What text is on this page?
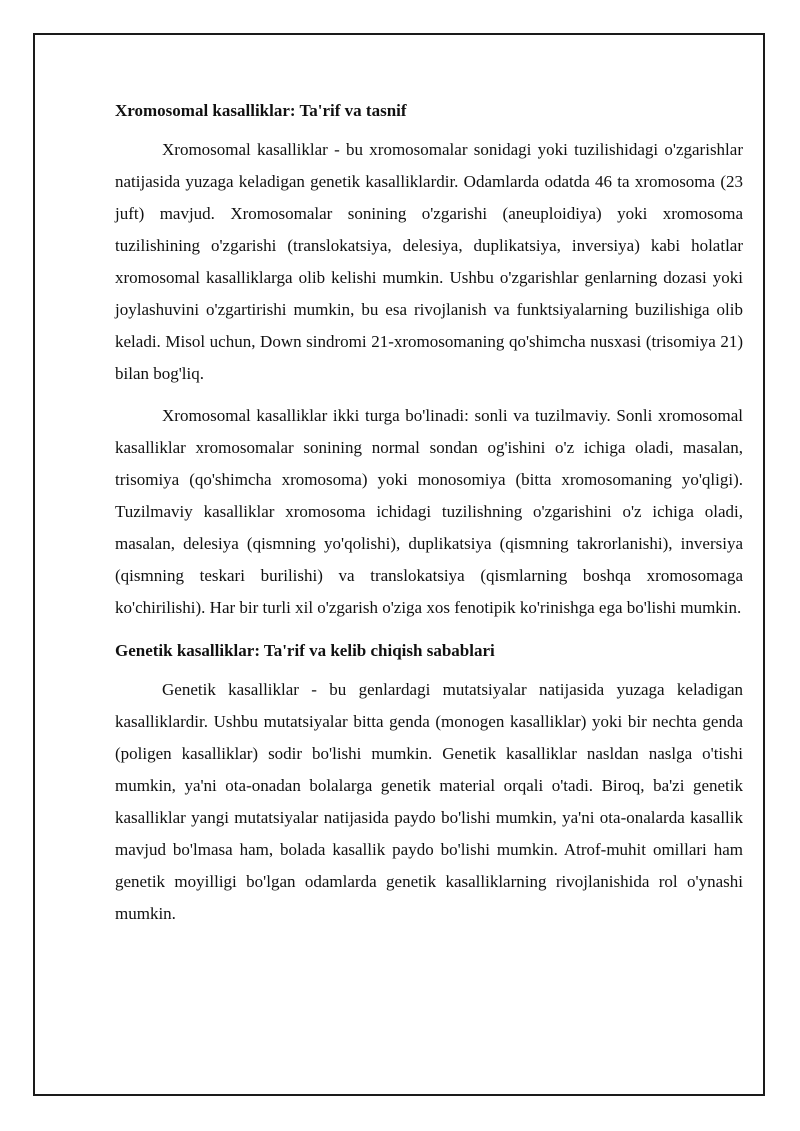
Xromosomal kasalliklar: Ta'rif va tasnif

Xromosomal kasalliklar - bu xromosomalar sonidagi yoki tuzilishidagi o'zgarishlar natijasida yuzaga keladigan genetik kasalliklardir. Odamlarda odatda 46 ta xromosoma (23 juft) mavjud. Xromosomalar sonining o'zgarishi (aneuploidiya) yoki xromosoma tuzilishining o'zgarishi (translokatsiya, delesiya, duplikatsiya, inversiya) kabi holatlar xromosomal kasalliklarga olib kelishi mumkin. Ushbu o'zgarishlar genlarning dozasi yoki joylashuvini o'zgartirishi mumkin, bu esa rivojlanish va funktsiyalarning buzilishiga olib keladi. Misol uchun, Down sindromi 21-xromosomaning qo'shimcha nusxasi (trisomiya 21) bilan bog'liq.

Xromosomal kasalliklar ikki turga bo'linadi: sonli va tuzilmaviy. Sonli xromosomal kasalliklar xromosomalar sonining normal sondan og'ishini o'z ichiga oladi, masalan, trisomiya (qo'shimcha xromosoma) yoki monosomiya (bitta xromosomaning yo'qligi). Tuzilmaviy kasalliklar xromosoma ichidagi tuzilishning o'zgarishini o'z ichiga oladi, masalan, delesiya (qismning yo'qolishi), duplikatsiya (qismning takrorlanishi), inversiya (qismning teskari burilishi) va translokatsiya (qismlarning boshqa xromosomaga ko'chirilishi). Har bir turli xil o'zgarish o'ziga xos fenotipik ko'rinishga ega bo'lishi mumkin.

Genetik kasalliklar: Ta'rif va kelib chiqish sabablari

Genetik kasalliklar - bu genlardagi mutatsiyalar natijasida yuzaga keladigan kasalliklardir. Ushbu mutatsiyalar bitta genda (monogen kasalliklar) yoki bir nechta genda (poligen kasalliklar) sodir bo'lishi mumkin. Genetik kasalliklar nasldan naslga o'tishi mumkin, ya'ni ota-onadan bolalarga genetik material orqali o'tadi. Biroq, ba'zi genetik kasalliklar yangi mutatsiyalar natijasida paydo bo'lishi mumkin, ya'ni ota-onalarda kasallik mavjud bo'lmasa ham, bolada kasallik paydo bo'lishi mumkin. Atrof-muhit omillari ham genetik moyilligi bo'lgan odamlarda genetik kasalliklarning rivojlanishida rol o'ynashi mumkin.
